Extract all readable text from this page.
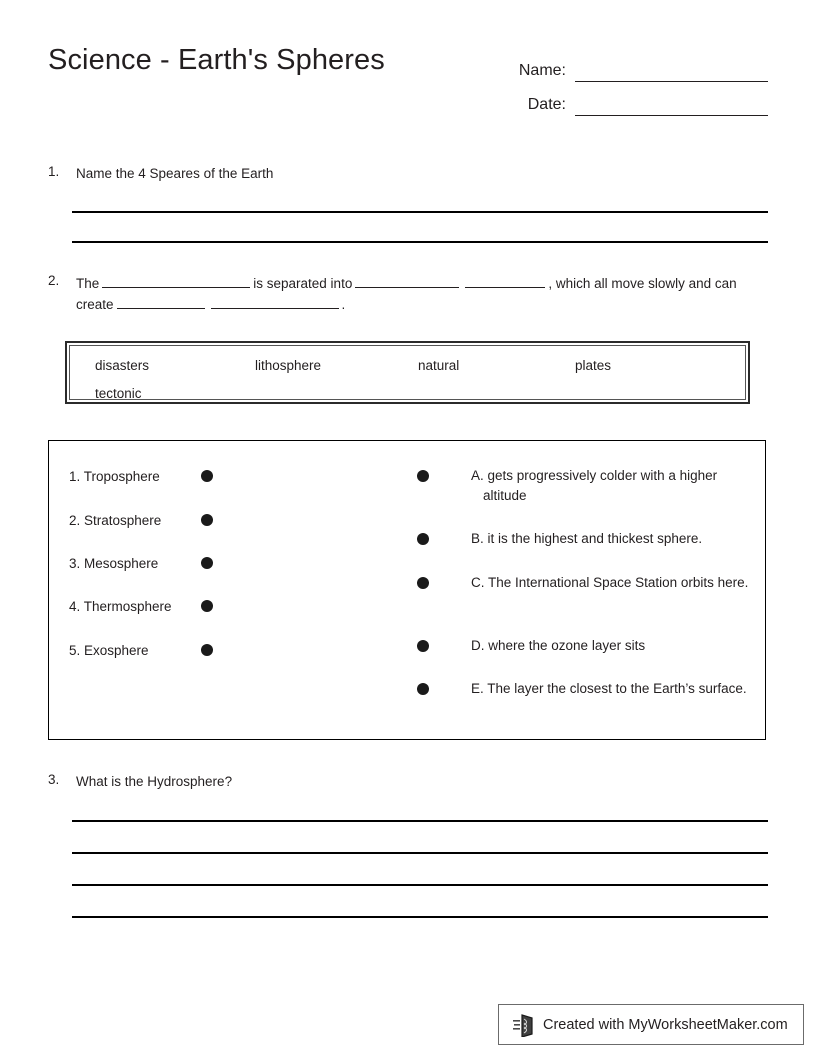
Science - Earth's Spheres	Name:
Date:
1.	Name the 4 Speares of the Earth
2.	The	is separated into	, which all move slowly and can create	.
disasters	lithosphere	natural	plates
tectonic
1. Troposphere
2. Stratosphere
3. Mesosphere
4. Thermosphere
5. Exosphere
A. gets progressively colder with a higher altitude
B. it is the highest and thickest sphere.
C. The International Space Station orbits here.
D. where the ozone layer sits
E. The layer the closest to the Earth’s surface.
3.	What is the Hydrosphere?
Created with MyWorksheetMaker.com
